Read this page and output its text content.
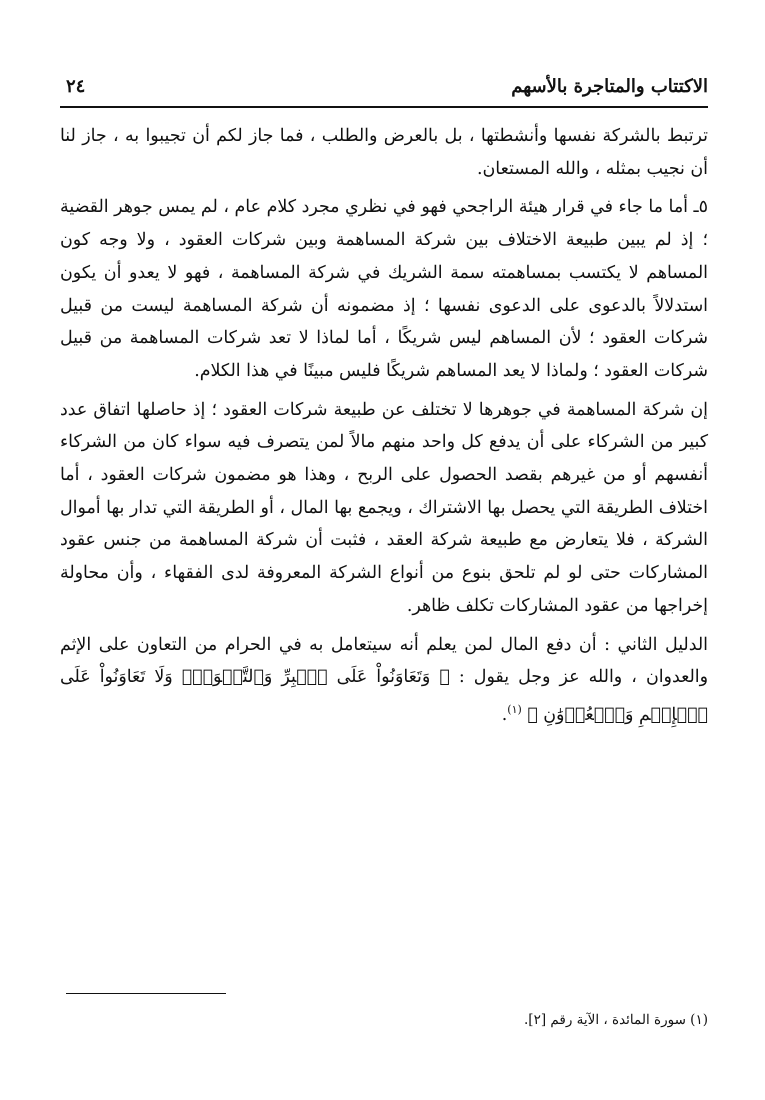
الاكتتاب والمتاجرة بالأسهم
٢٤

ترتبط بالشركة نفسها وأنشطتها ، بل بالعرض والطلب ، فما جاز لكم أن تجيبوا به ، جاز لنا أن نجيب بمثله ، والله المستعان.

٥ـ أما ما جاء في قرار هيئة الراجحي فهو في نظري مجرد كلام عام ، لم يمس جوهر القضية ؛ إذ لم يبين طبيعة الاختلاف بين شركة المساهمة وبين شركات العقود ، ولا وجه كون المساهم لا يكتسب بمساهمته سمة الشريك في شركة المساهمة ، فهو لا يعدو أن يكون استدلالاً بالدعوى على الدعوى نفسها ؛ إذ مضمونه أن شركة المساهمة ليست من قبيل شركات العقود ؛ لأن المساهم ليس شريكًا ، أما لماذا لا تعد شركات المساهمة من قبيل شركات العقود ؛ ولماذا لا يعد المساهم شريكًا فليس مبينًا في هذا الكلام.

إن شركة المساهمة في جوهرها لا تختلف عن طبيعة شركات العقود ؛ إذ حاصلها اتفاق عدد كبير من الشركاء على أن يدفع كل واحد منهم مالاً لمن يتصرف فيه سواء كان من الشركاء أنفسهم أو من غيرهم بقصد الحصول على الربح ، وهذا هو مضمون شركات العقود ، أما اختلاف الطريقة التي يحصل بها الاشتراك ، ويجمع بها المال ، أو الطريقة التي تدار بها أموال الشركة ، فلا يتعارض مع طبيعة شركة العقد ، فثبت أن شركة المساهمة من جنس عقود المشاركات حتى لو لم تلحق بنوع من أنواع الشركة المعروفة لدى الفقهاء ، وأن محاولة إخراجها من عقود المشاركات تكلف ظاهر.

الدليل الثاني : أن دفع المال لمن يعلم أنه سيتعامل به في الحرام من التعاون على الإثم والعدوان ، والله عز وجل يقول : ﴿ وَتَعَاوَنُواْ عَلَى ٱلۡبِرِّ وَٱلتَّقۡوَىٰۖ وَلَا تَعَاوَنُواْ عَلَى ٱلۡإِثۡمِ وَٱلۡعُدۡوَٰنِ ﴾ $^{(١)}$.

(١) سورة المائدة ، الآية رقم [٢].
